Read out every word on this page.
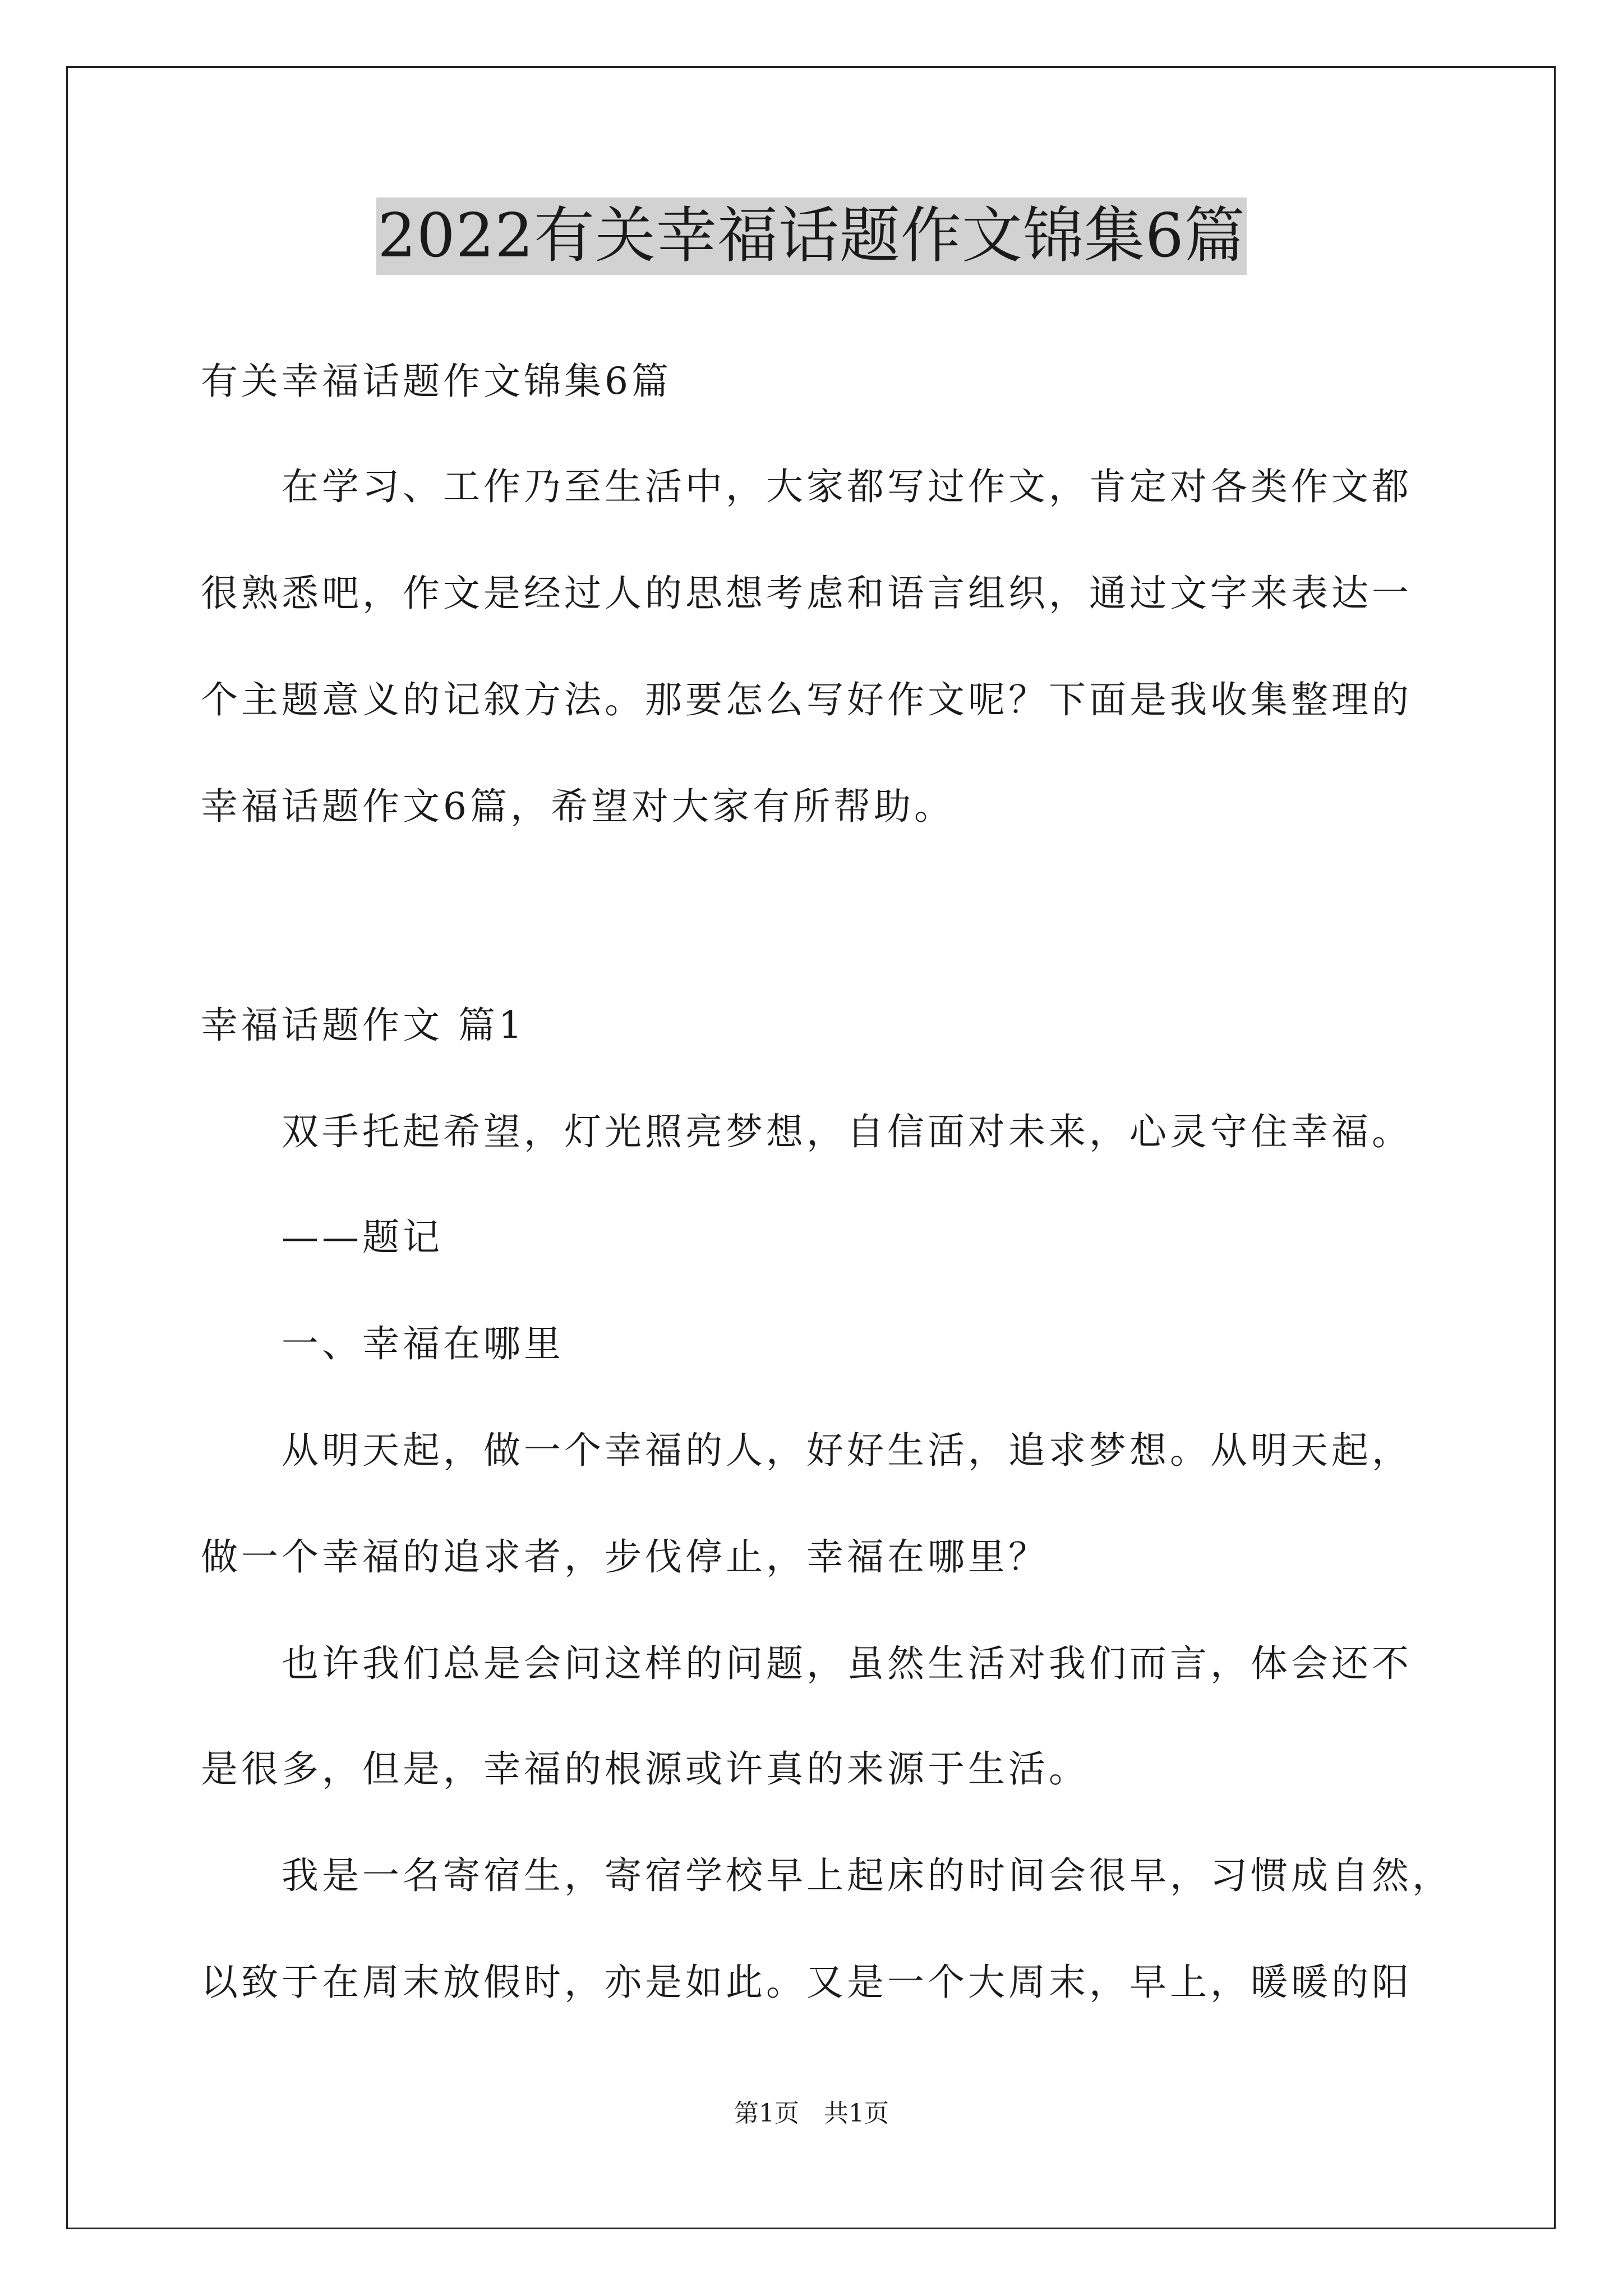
2022有关幸福话题作文锦集6篇
有关幸福话题作文锦集6篇
在学习、工作乃至生活中，大家都写过作文，肯定对各类作文都
很熟悉吧，作文是经过人的思想考虑和语言组织，通过文字来表达一
个主题意义的记叙方法。那要怎么写好作文呢？下面是我收集整理的
幸福话题作文6篇，希望对大家有所帮助。
幸福话题作文 篇1
双手托起希望，灯光照亮梦想，自信面对未来，心灵守住幸福。
——题记
一、幸福在哪里
从明天起，做一个幸福的人，好好生活，追求梦想。从明天起，
做一个幸福的追求者，步伐停止，幸福在哪里？
也许我们总是会问这样的问题，虽然生活对我们而言，体会还不
是很多，但是，幸福的根源或许真的来源于生活。
我是一名寄宿生，寄宿学校早上起床的时间会很早，习惯成自然，
以致于在周末放假时，亦是如此。又是一个大周末，早上，暖暖的阳
第1页　共1页
